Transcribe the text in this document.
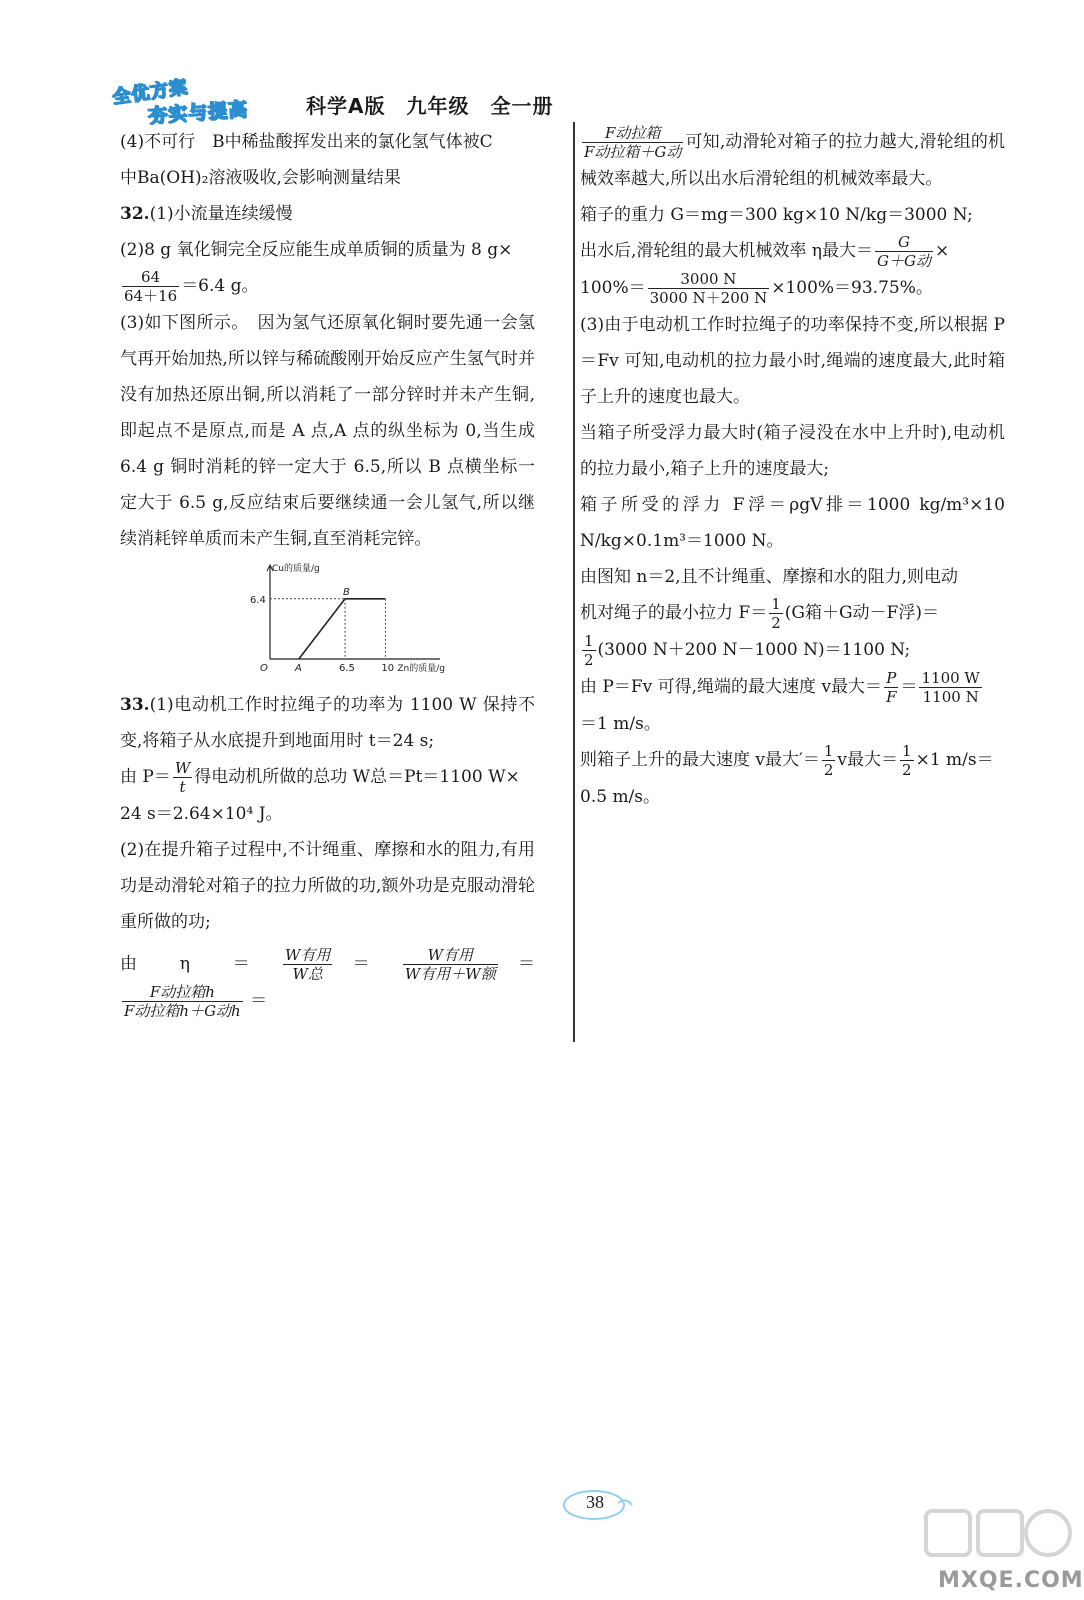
全优方案
夯实与提高	科学A版　九年级　全一册

(4)不可行　B中稀盐酸挥发出来的氯化氢气体被C

中Ba(OH)₂溶液吸收,会影响测量结果

32.(1)小流量连续缓慢

(2)8 g 氧化铜完全反应能生成单质铜的质量为 8 g×

$\frac{64}{64+16} =6.4$ g。

(3)如下图所示。　因为氢气还原氧化铜时要先通一会氢气再开始加热,所以锌与稀硫酸刚开始反应产生氢气时并没有加热还原出铜,所以消耗了一部分锌时并未产生铜,即起点不是原点,而是 A 点,A 点的纵坐标为 0,当生成 6.4 g 铜时消耗的锌一定大于 6.5,所以 B 点横坐标一定大于 6.5 g,反应结束后要继续通一会儿氢气,所以继续消耗锌单质而未产生铜,直至消耗完锌。

Cu的质量/g
O
6.4
A	6.5	10 Zn的质量/g
B

33.(1)电动机工作时拉绳子的功率为 1100 W 保持不变,将箱子从水底提升到地面用时 t＝24 s;

由 $P= \frac{W}{t}$ 得电动机所做的总功 W总＝Pt＝1100 W×

24 s＝2.64×10⁴ J。

(2)在提升箱子过程中,不计绳重、摩擦和水的阻力,有用功是动滑轮对箱子的拉力所做的功,额外功是克服动滑轮重所做的功;

由　η　＝ $\frac{\text{W有用}}{\text{W总}} = \frac{\text{W有用}}{\text{W有用＋W额}}$ ＝
$\frac{\text{F动拉箱h}}{\text{F动拉箱h＋G动h}}$ ＝

$\frac{\text{F动拉箱}}{\text{F动拉箱＋G动}}$ 可知,动滑轮对箱子的拉力越大,滑轮组的机械效率越大,所以出水后滑轮组的机械效率最大。

箱子的重力 G＝mg＝300 kg×10 N/kg＝3000 N;

出水后,滑轮组的最大机械效率 η最大＝ $\frac{G}{\text{G＋G动}}$ ×

$100\%= \frac{3000 N}{3000 N+200 N} \times 100\%=93.75\%$。

(3)由于电动机工作时拉绳子的功率保持不变,所以根据 P＝Fv 可知,电动机的拉力最小时,绳端的速度最大,此时箱子上升的速度也最大。

当箱子所受浮力最大时(箱子浸没在水中上升时),电动机的拉力最小,箱子上升的速度最大;

箱子所受的浮力 F浮＝ρgV排＝1000 kg/m³×10 N/kg×0.1m³＝1000 N。

由图知 n＝2,且不计绳重、摩擦和水的阻力,则电动

机对绳子的最小拉力 $F= \frac{1}{2} (G$箱＋G动－F浮)＝

$\frac{1}{2} (3000$ N＋200 N－1000 N)＝1100 N;

由 P＝Fv 可得,绳端的最大速度 v最大＝ $\frac{P}{F} = \frac{1100 W}{1100 N}$

＝1 m/s。

则箱子上升的最大速度 v最大′＝ $\frac{1}{2}$ v最大＝ $\frac{1}{2} \times 1$ m/s＝

0.5 m/s。

38
MXQE.COM
